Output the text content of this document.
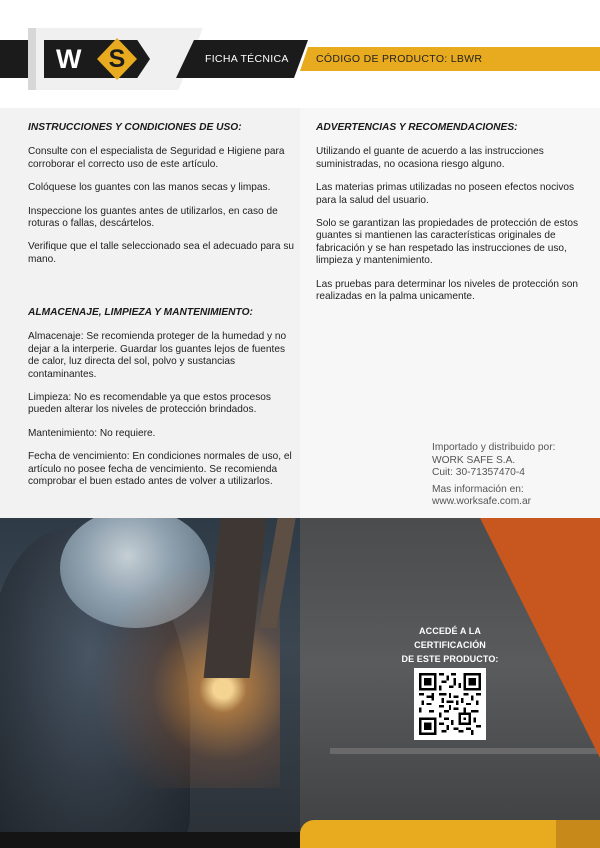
W	S	FICHA TÉCNICA	CÓDIGO DE PRODUCTO: LBWR
INSTRUCCIONES Y CONDICIONES DE USO:

Consulte con el especialista de Seguridad e Higiene para corroborar el correcto uso de este artículo.

Colóquese los guantes con las manos secas y limpas.

Inspeccione los guantes antes de utilizarlos, en caso de roturas o fallas, descártelos.

Verifique que el talle seleccionado sea el adecuado para su mano.

ALMACENAJE, LIMPIEZA Y MANTENIMIENTO:

Almacenaje: Se recomienda proteger de la humedad y no dejar a la interperie. Guardar los guantes lejos de fuentes de calor, luz directa del sol, polvo y sustancias contaminantes.

Limpieza: No es recomendable ya que estos procesos pueden alterar los niveles de protección brindados.

Mantenimiento: No requiere.

Fecha de vencimiento: En condiciones normales de uso, el artículo no posee fecha de vencimiento. Se recomienda comprobar el buen estado antes de volver a utilizarlos.

ADVERTENCIAS Y RECOMENDACIONES:

Utilizando el guante de acuerdo a las instrucciones suministradas, no ocasiona riesgo alguno.

Las materias primas utilizadas no poseen efectos nocivos para la salud del usuario.

Solo se garantizan las propiedades de protección de estos guantes si mantienen las características originales de fabricación y se han respetado las instrucciones de uso, limpieza y mantenimiento.

Las pruebas para determinar los niveles de protección son realizadas en la palma unicamente.

Importado y distribuido por:
WORK SAFE S.A.
Cuit: 30-71357470-4
Mas información en:
www.worksafe.com.ar
ACCEDÉ A LA CERTIFICACIÓN
DE ESTE PRODUCTO:
